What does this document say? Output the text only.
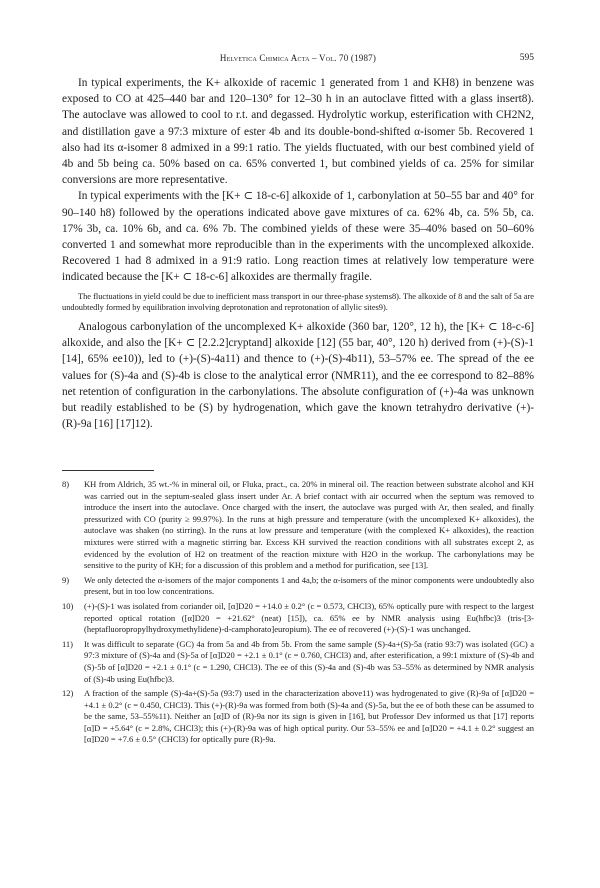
Helvetica Chimica Acta – Vol. 70 (1987)	595

In typical experiments, the K+ alkoxide of racemic 1 generated from 1 and KH8) in benzene was exposed to CO at 425–440 bar and 120–130° for 12–30 h in an autoclave fitted with a glass insert8). The autoclave was allowed to cool to r.t. and degassed. Hydrolytic workup, esterification with CH2N2, and distillation gave a 97:3 mixture of ester 4b and its double-bond-shifted α-isomer 5b. Recovered 1 also had its α-isomer 8 admixed in a 99:1 ratio. The yields fluctuated, with our best combined yield of 4b and 5b being ca. 50% based on ca. 65% converted 1, but combined yields of ca. 25% for similar conversions are more representative.

In typical experiments with the [K+ ⊂ 18-c-6] alkoxide of 1, carbonylation at 50–55 bar and 40° for 90–140 h8) followed by the operations indicated above gave mixtures of ca. 62% 4b, ca. 5% 5b, ca. 17% 3b, ca. 10% 6b, and ca. 6% 7b. The combined yields of these were 35–40% based on 50–60% converted 1 and somewhat more reproducible than in the experiments with the uncomplexed alkoxide. Recovered 1 had 8 admixed in a 91:9 ratio. Long reaction times at relatively low temperature were indicated because the [K+ ⊂ 18-c-6] alkoxides are thermally fragile.

The fluctuations in yield could be due to inefficient mass transport in our three-phase systems8). The alkoxide of 8 and the salt of 5a are undoubtedly formed by equilibration involving deprotonation and reprotonation of allylic sites9).

Analogous carbonylation of the uncomplexed K+ alkoxide (360 bar, 120°, 12 h), the [K+ ⊂ 18-c-6] alkoxide, and also the [K+ ⊂ [2.2.2]cryptand] alkoxide [12] (55 bar, 40°, 120 h) derived from (+)-(S)-1 [14], 65% ee10)), led to (+)-(S)-4a11) and thence to (+)-(S)-4b11), 53–57% ee. The spread of the ee values for (S)-4a and (S)-4b is close to the analytical error (NMR11), and the ee correspond to 82–88% net retention of configuration in the carbonylations. The absolute configuration of (+)-4a was unknown but readily established to be (S) by hydrogenation, which gave the known tetrahydro derivative (+)-(R)-9a [16] [17]12).

8) KH from Aldrich, 35 wt.-% in mineral oil, or Fluka, pract., ca. 20% in mineral oil. The reaction between substrate alcohol and KH was carried out in the septum-sealed glass insert under Ar. A brief contact with air occurred when the septum was removed to introduce the insert into the autoclave. Once charged with the insert, the autoclave was purged with Ar, then sealed, and finally pressurized with CO (purity ≥ 99.97%). In the runs at high pressure and temperature (with the uncomplexed K+ alkoxides), the autoclave was shaken (no stirring). In the runs at low pressure and temperature (with the complexed K+ alkoxides), the reaction mixtures were stirred with a magnetic stirring bar. Excess KH survived the reaction conditions with all substrates except 2, as evidenced by the evolution of H2 on treatment of the reaction mixture with H2O in the workup. The carbonylations may be sensitive to the purity of KH; for a discussion of this problem and a method for purification, see [13].
9) We only detected the α-isomers of the major components 1 and 4a,b; the α-isomers of the minor components were undoubtedly also present, but in too low concentrations.
10) (+)-(S)-1 was isolated from coriander oil, [α]D20 = +14.0 ± 0.2° (c = 0.573, CHCl3), 65% optically pure with respect to the largest reported optical rotation ([α]D20 = +21.62° (neat) [15]), ca. 65% ee by NMR analysis using Eu(hfbc)3 (tris-[3-(heptafluoropropylhydroxymethylidene)-d-camphorato]europium). The ee of recovered (+)-(S)-1 was unchanged.
11) It was difficult to separate (GC) 4a from 5a and 4b from 5b. From the same sample (S)-4a+(S)-5a (ratio 93:7) was isolated (GC) a 97:3 mixture of (S)-4a and (S)-5a of [α]D20 = +2.1 ± 0.1° (c = 0.760, CHCl3) and, after esterification, a 99:1 mixture of (S)-4b and (S)-5b of [α]D20 = +2.1 ± 0.1° (c = 1.290, CHCl3). The ee of this (S)-4a and (S)-4b was 53–55% as determined by NMR analysis of (S)-4b using Eu(hfbc)3.
12) A fraction of the sample (S)-4a+(S)-5a (93:7) used in the characterization above11) was hydrogenated to give (R)-9a of [α]D20 = +4.1 ± 0.2° (c = 0.450, CHCl3). This (+)-(R)-9a was formed from both (S)-4a and (S)-5a, but the ee of both these can be assumed to be the same, 53–55%11). Neither an [α]D of (R)-9a nor its sign is given in [16], but Professor Dev informed us that [17] reports [α]D = +5.64° (c = 2.8%, CHCl3); this (+)-(R)-9a was of high optical purity. Our 53–55% ee and [α]D20 = +4.1 ± 0.2° suggest an [α]D20 = +7.6 ± 0.5° (CHCl3) for optically pure (R)-9a.
